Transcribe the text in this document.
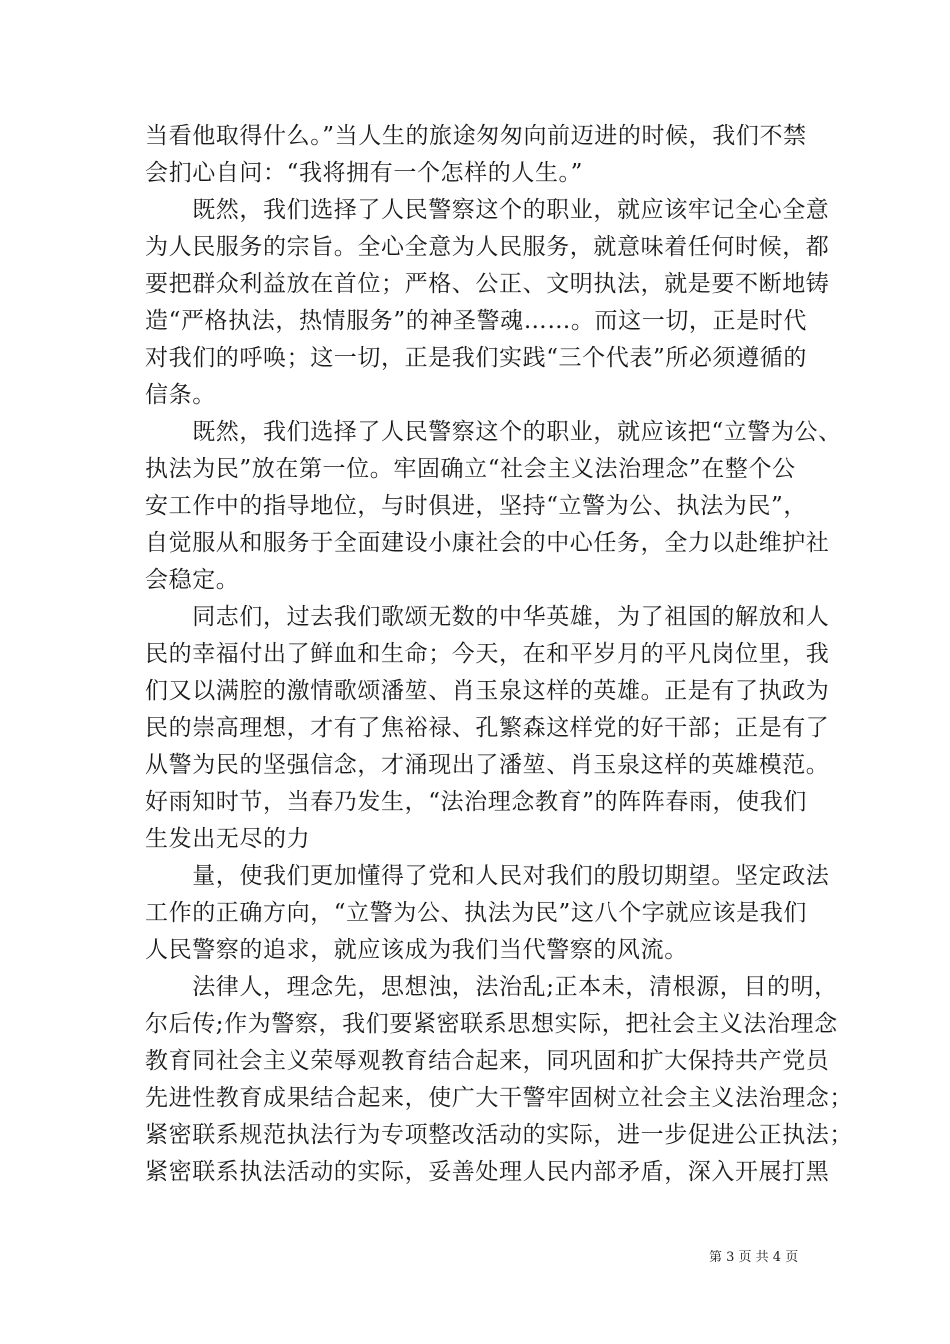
当看他取得什么。”当人生的旅途匆匆向前迈进的时候，我们不禁
会扪心自问：“我将拥有一个怎样的人生。”
　　既然，我们选择了人民警察这个的职业，就应该牢记全心全意
为人民服务的宗旨。全心全意为人民服务，就意味着任何时候，都
要把群众利益放在首位；严格、公正、文明执法，就是要不断地铸
造“严格执法，热情服务”的神圣警魂……。而这一切，正是时代
对我们的呼唤；这一切，正是我们实践“三个代表”所必须遵循的
信条。
　　既然，我们选择了人民警察这个的职业，就应该把“立警为公、
执法为民”放在第一位。牢固确立“社会主义法治理念”在整个公
安工作中的指导地位，与时俱进，坚持“立警为公、执法为民”，
自觉服从和服务于全面建设小康社会的中心任务，全力以赴维护社
会稳定。
　　同志们，过去我们歌颂无数的中华英雄，为了祖国的解放和人
民的幸福付出了鲜血和生命；今天，在和平岁月的平凡岗位里，我
们又以满腔的激情歌颂潘堃、肖玉泉这样的英雄。正是有了执政为
民的崇高理想，才有了焦裕禄、孔繁森这样党的好干部；正是有了
从警为民的坚强信念，才涌现出了潘堃、肖玉泉这样的英雄模范。
好雨知时节，当春乃发生，“法治理念教育”的阵阵春雨，使我们
生发出无尽的力
　　量，使我们更加懂得了党和人民对我们的殷切期望。坚定政法
工作的正确方向，“立警为公、执法为民”这八个字就应该是我们
人民警察的追求，就应该成为我们当代警察的风流。
　　法律人，理念先，思想浊，法治乱;正本未，清根源，目的明，
尔后传;作为警察，我们要紧密联系思想实际，把社会主义法治理念
教育同社会主义荣辱观教育结合起来，同巩固和扩大保持共产党员
先进性教育成果结合起来，使广大干警牢固树立社会主义法治理念；
紧密联系规范执法行为专项整改活动的实际，进一步促进公正执法；
紧密联系执法活动的实际，妥善处理人民内部矛盾，深入开展打黑
第 3 页 共 4 页
